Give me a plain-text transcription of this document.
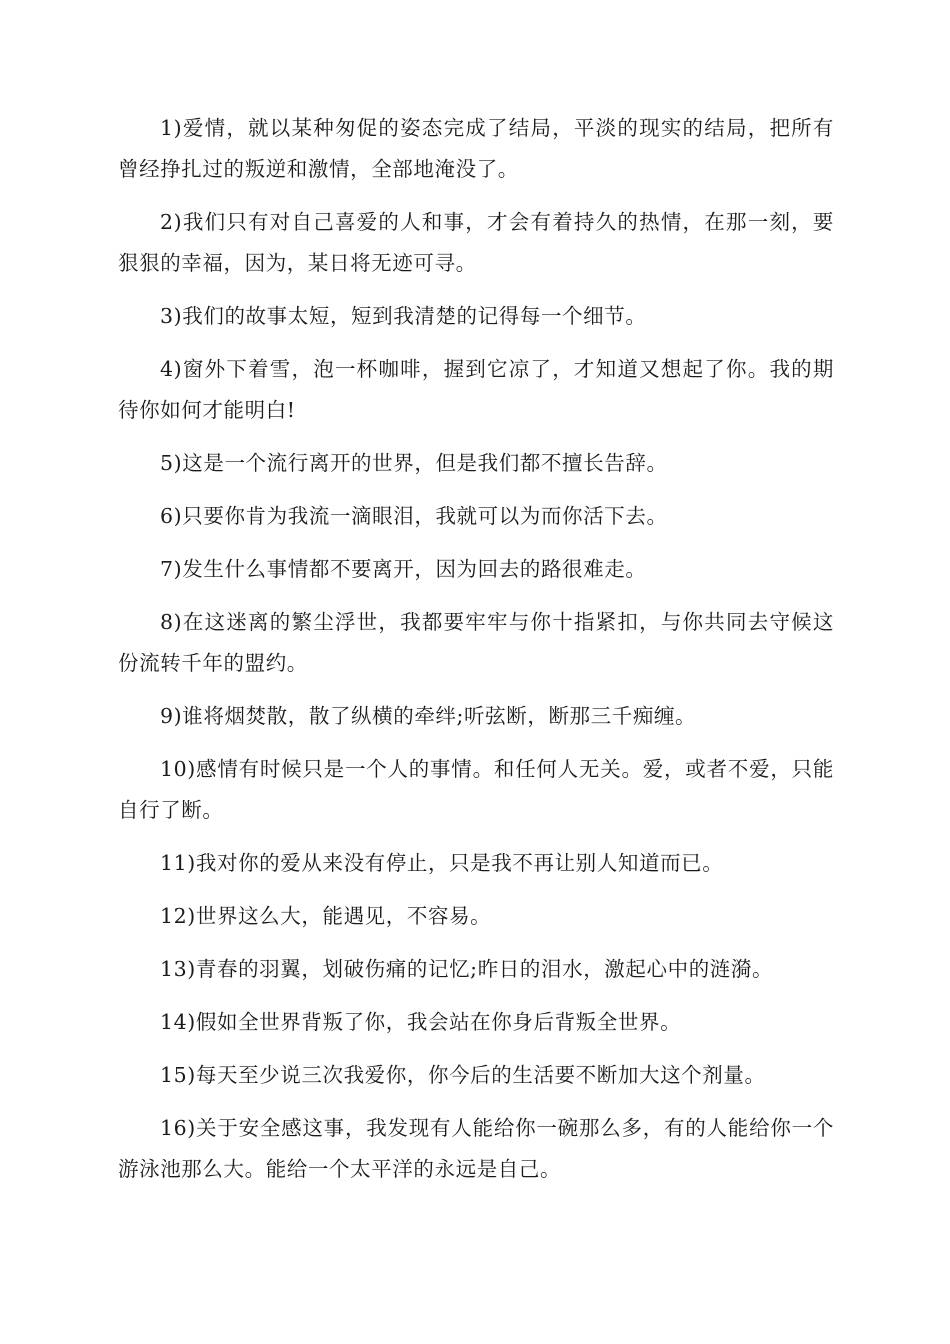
1)爱情，就以某种匆促的姿态完成了结局，平淡的现实的结局，把所有曾经挣扎过的叛逆和激情，全部地淹没了。

2)我们只有对自己喜爱的人和事，才会有着持久的热情，在那一刻，要狠狠的幸福，因为，某日将无迹可寻。

3)我们的故事太短，短到我清楚的记得每一个细节。

4)窗外下着雪，泡一杯咖啡，握到它凉了，才知道又想起了你。我的期待你如何才能明白!

5)这是一个流行离开的世界，但是我们都不擅长告辞。

6)只要你肯为我流一滴眼泪，我就可以为而你活下去。

7)发生什么事情都不要离开，因为回去的路很难走。

8)在这迷离的繁尘浮世，我都要牢牢与你十指紧扣，与你共同去守候这份流转千年的盟约。

9)谁将烟焚散，散了纵横的牵绊;听弦断，断那三千痴缠。

10)感情有时候只是一个人的事情。和任何人无关。爱，或者不爱，只能自行了断。

11)我对你的爱从来没有停止，只是我不再让别人知道而已。

12)世界这么大，能遇见，不容易。

13)青春的羽翼，划破伤痛的记忆;昨日的泪水，激起心中的涟漪。

14)假如全世界背叛了你，我会站在你身后背叛全世界。

15)每天至少说三次我爱你，你今后的生活要不断加大这个剂量。

16)关于安全感这事，我发现有人能给你一碗那么多，有的人能给你一个游泳池那么大。能给一个太平洋的永远是自己。
